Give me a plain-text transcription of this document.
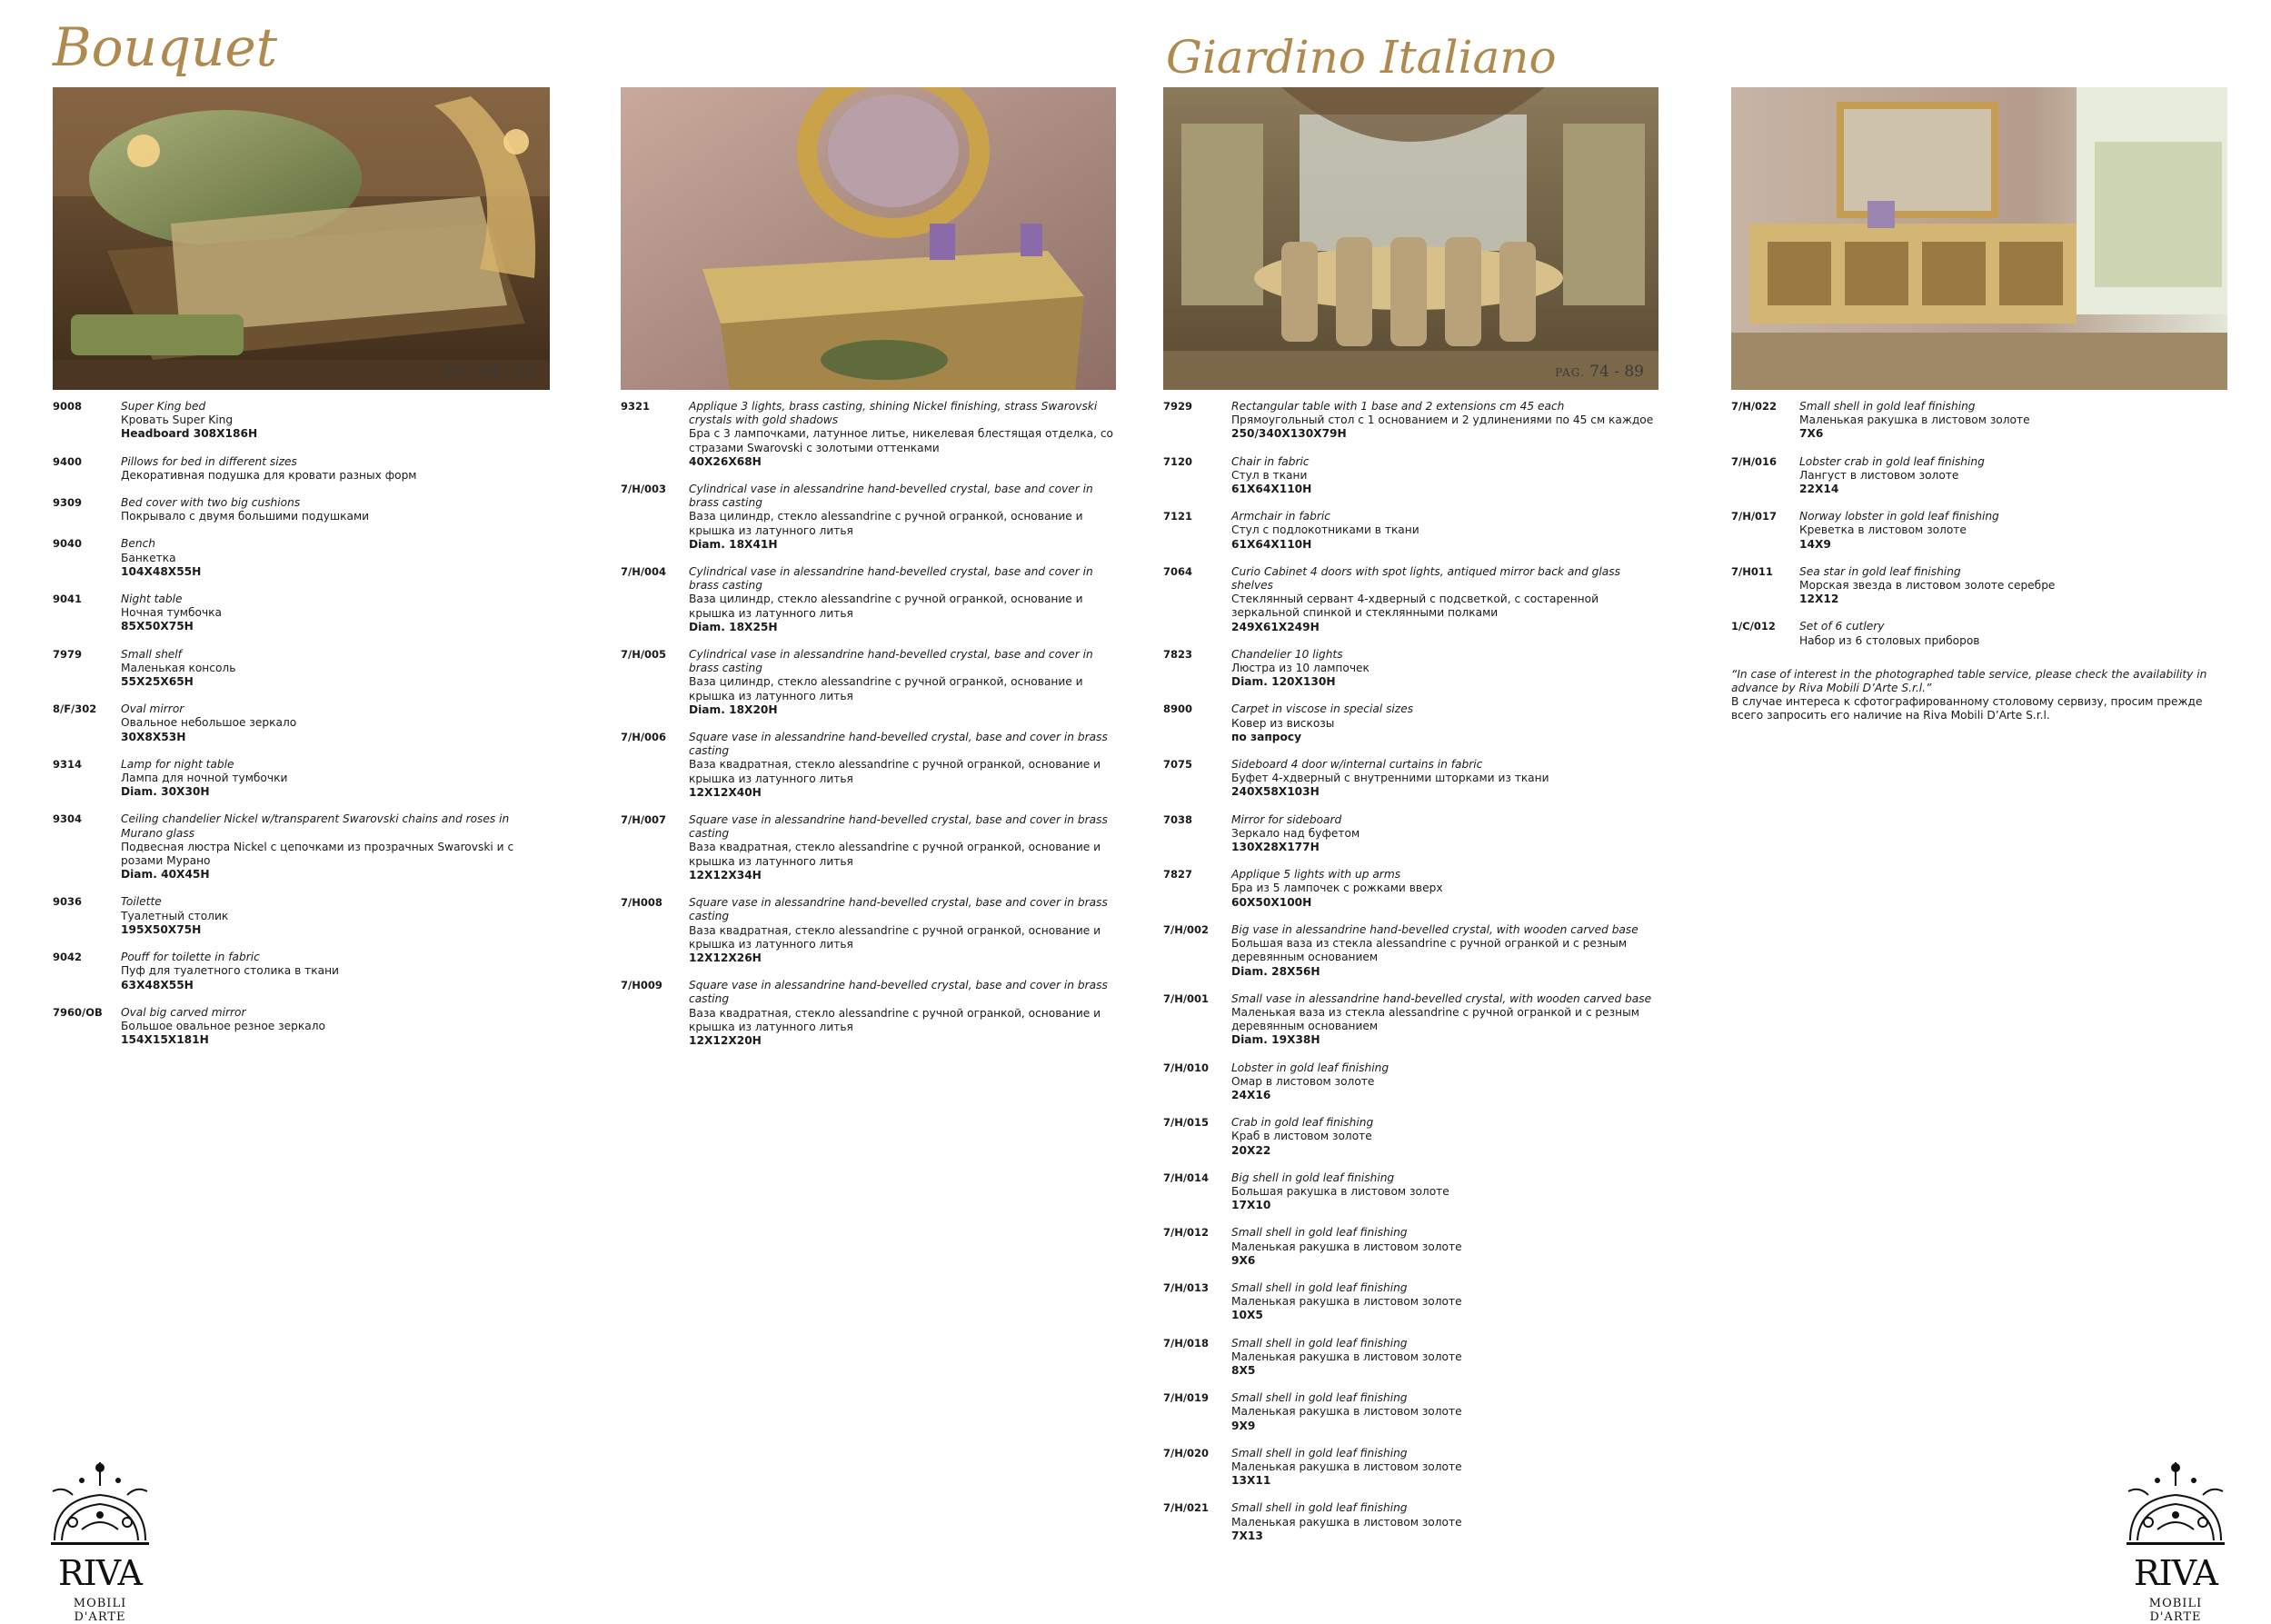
Bouquet	Giardino Italiano
PAG. 64 - 71	PAG. 74 - 89
9008	Super King bed
Кровать Super King
Headboard 308X186H
9400	Pillows for bed in different sizes
Декоративная подушка для кровати разных форм
9309	Bed cover with two big cushions
Покрывало с двумя большими подушками
9040	Bench
Банкетка
104X48X55H
9041	Night table
Ночная тумбочка
85X50X75H
7979	Small shelf
Маленькая консоль
55X25X65H
8/F/302	Oval mirror
Овальное небольшое зеркало
30X8X53H
9314	Lamp for night table
Лампа для ночной тумбочки
Diam. 30X30H
9304	Ceiling chandelier Nickel w/transparent Swarovski chains and roses in Murano glass
Подвесная люстра Nickel с цепочками из прозрачных Swarovski и с розами Мурано
Diam. 40X45H
9036	Toilette
Туалетный столик
195X50X75H
9042	Pouff for toilette in fabric
Пуф для туалетного столика в ткани
63X48X55H
7960/OB	Oval big carved mirror
Большое овальное резное зеркало
154X15X181H
9321	Applique 3 lights, brass casting, shining Nickel finishing, strass Swarovski crystals with gold shadows
Бра с 3 лампочками, латунное литье, никелевая блестящая отделка, со стразами Swarovski с золотыми оттенками
40X26X68H
7/H/003	Cylindrical vase in alessandrine hand-bevelled crystal, base and cover in brass casting
Ваза цилиндр, стекло alessandrine с ручной огранкой, основание и крышка из латунного литья
Diam. 18X41H
7/H/004	Cylindrical vase in alessandrine hand-bevelled crystal, base and cover in brass casting
Ваза цилиндр, стекло alessandrine с ручной огранкой, основание и крышка из латунного литья
Diam. 18X25H
7/H/005	Cylindrical vase in alessandrine hand-bevelled crystal, base and cover in brass casting
Ваза цилиндр, стекло alessandrine с ручной огранкой, основание и крышка из латунного литья
Diam. 18X20H
7/H/006	Square vase in alessandrine hand-bevelled crystal, base and cover in brass casting
Ваза квадратная, стекло alessandrine с ручной огранкой, основание и крышка из латунного литья
12X12X40H
7/H/007	Square vase in alessandrine hand-bevelled crystal, base and cover in brass casting
Ваза квадратная, стекло alessandrine с ручной огранкой, основание и крышка из латунного литья
12X12X34H
7/H008	Square vase in alessandrine hand-bevelled crystal, base and cover in brass casting
Ваза квадратная, стекло alessandrine с ручной огранкой, основание и крышка из латунного литья
12X12X26H
7/H009	Square vase in alessandrine hand-bevelled crystal, base and cover in brass casting
Ваза квадратная, стекло alessandrine с ручной огранкой, основание и крышка из латунного литья
12X12X20H
7929	Rectangular table with 1 base and 2 extensions cm 45 each
Прямоугольный стол с 1 основанием и 2 удлинениями по 45 см каждое
250/340X130X79H
7120	Chair in fabric
Стул в ткани
61X64X110H
7121	Armchair in fabric
Стул с подлокотниками в ткани
61X64X110H
7064	Curio Cabinet 4 doors with spot lights, antiqued mirror back and glass shelves
Стеклянный сервант 4-хдверный с подсветкой, с состаренной зеркальной спинкой и стеклянными полками
249X61X249H
7823	Chandelier 10 lights
Люстра из 10 лампочек
Diam. 120X130H
8900	Carpet in viscose in special sizes
Ковер из вискозы
по запросу
7075	Sideboard 4 door w/internal curtains in fabric
Буфет 4-хдверный с внутренними шторками из ткани
240X58X103H
7038	Mirror for sideboard
Зеркало над буфетом
130X28X177H
7827	Applique 5 lights with up arms
Бра из 5 лампочек с рожками вверх
60X50X100H
7/H/002	Big vase in alessandrine hand-bevelled crystal, with wooden carved base
Большая ваза из стекла alessandrine с ручной огранкой и с резным деревянным основанием
Diam. 28X56H
7/H/001	Small vase in alessandrine hand-bevelled crystal, with wooden carved base
Маленькая ваза из стекла alessandrine с ручной огранкой и с резным деревянным основанием
Diam. 19X38H
7/H/010	Lobster in gold leaf finishing
Омар в листовом золоте
24X16
7/H/015	Crab in gold leaf finishing
Краб в листовом золоте
20X22
7/H/014	Big shell in gold leaf finishing
Большая ракушка в листовом золоте
17X10
7/H/012	Small shell in gold leaf finishing
Маленькая ракушка в листовом золоте
9X6
7/H/013	Small shell in gold leaf finishing
Маленькая ракушка в листовом золоте
10X5
7/H/018	Small shell in gold leaf finishing
Маленькая ракушка в листовом золоте
8X5
7/H/019	Small shell in gold leaf finishing
Маленькая ракушка в листовом золоте
9X9
7/H/020	Small shell in gold leaf finishing
Маленькая ракушка в листовом золоте
13X11
7/H/021	Small shell in gold leaf finishing
Маленькая ракушка в листовом золоте
7X13
7/H/022	Small shell in gold leaf finishing
Маленькая ракушка в листовом золоте
7X6
7/H/016	Lobster crab in gold leaf finishing
Лангуст в листовом золоте
22X14
7/H/017	Norway lobster in gold leaf finishing
Креветка в листовом золоте
14X9
7/H011	Sea star in gold leaf finishing
Морская звезда в листовом золоте серебре
12X12
1/C/012	Set of 6 cutlery
Набор из 6 столовых приборов
“In case of interest in the photographed table service, please check the availability in advance by Riva Mobili D’Arte S.r.l.”
В случае интереса к сфотографированному столовому сервизу, просим прежде всего запросить его наличие на Riva Mobili D’Arte S.r.l.
RIVA
MOBILI D'ARTE
RIVA
MOBILI D'ARTE
